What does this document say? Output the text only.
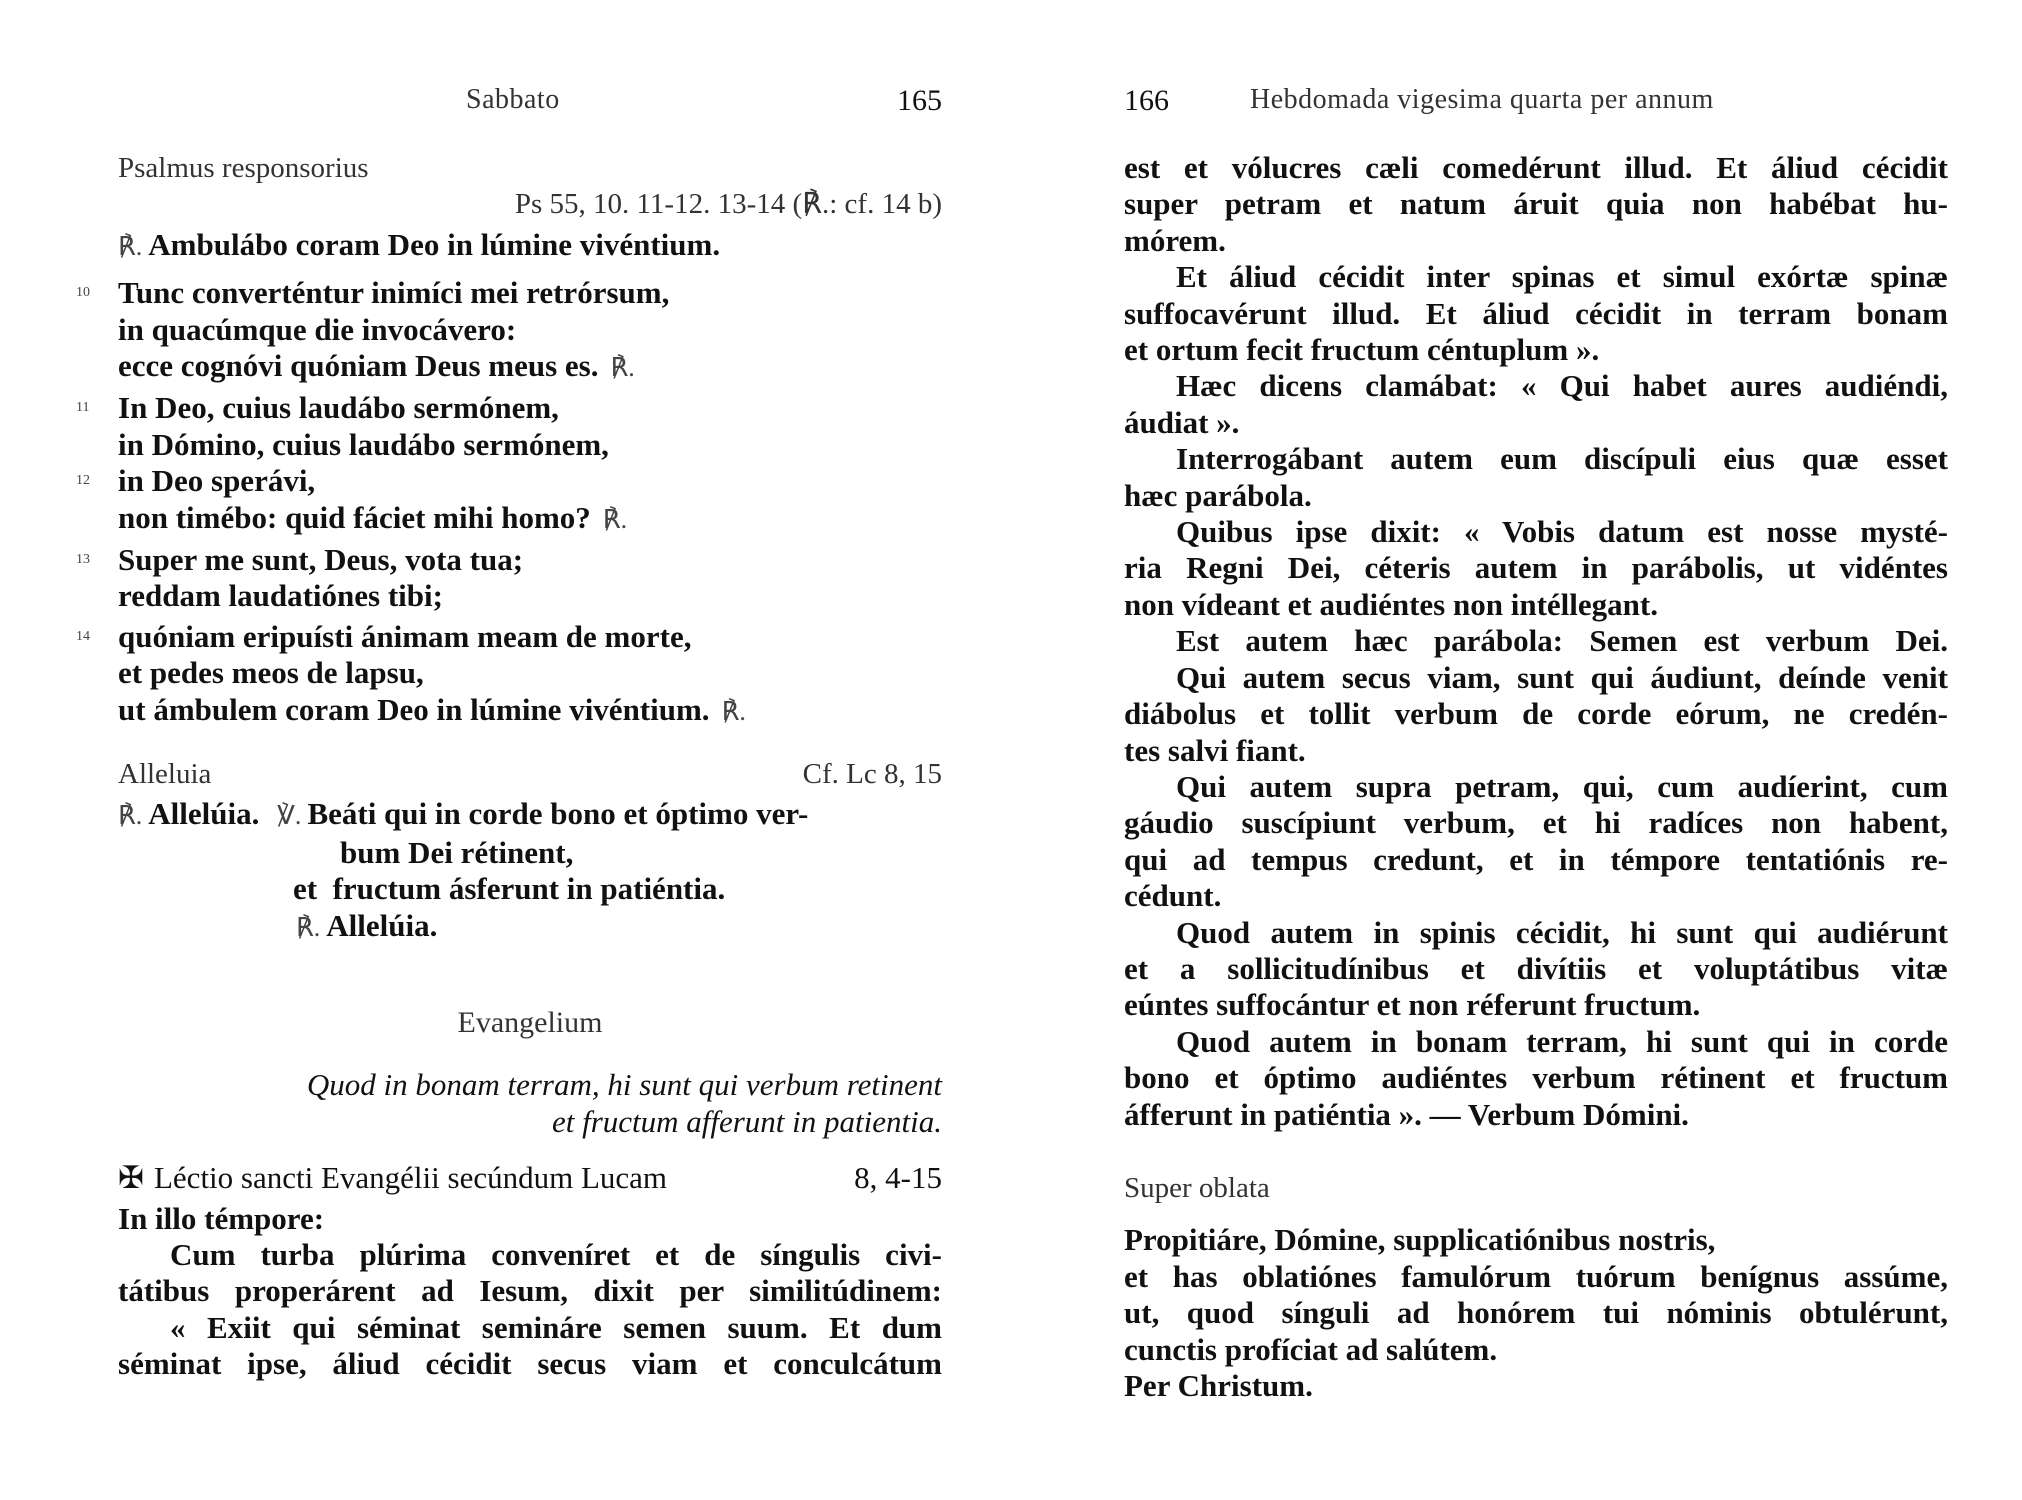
Sabbato	165
Psalmus responsorius
Ps 55, 10. 11-12. 13-14 (℟.: cf. 14 b)
℟. Ambulábo coram Deo in lúmine vivéntium.
10 Tunc converténtur inimíci mei retrórsum,
in quacúmque die invocávero:
ecce cognóvi quóniam Deus meus es. ℟.
11 In Deo, cuius laudábo sermónem,
in Dómino, cuius laudábo sermónem,
12 in Deo sperávi,
non timébo: quid fáciet mihi homo? ℟.
13 Super me sunt, Deus, vota tua;
reddam laudatiónes tibi;
14 quóniam eripuísti ánimam meam de morte,
et pedes meos de lapsu,
ut ámbulem coram Deo in lúmine vivéntium. ℟.
Alleluia	Cf. Lc 8, 15
℟. Allelúia. ℣. Beáti qui in corde bono et óptimo ver-
bum Dei rétinent,
et fructum ásferunt in patiéntia.
℟. Allelúia.
Evangelium
Quod in bonam terram, hi sunt qui verbum retinent
et fructum afferunt in patientia.
✠ Léctio sancti Evangélii secúndum Lucam	8, 4-15
In illo témpore:
Cum turba plúrima conveníret et de síngulis civi-
tátibus properárent ad Iesum, dixit per similitúdinem:
« Exiit qui séminat semináre semen suum. Et dum
séminat ipse, áliud cécidit secus viam et conculcátum
166	Hebdomada vigesima quarta per annum
est et vólucres cæli comedérunt illud. Et áliud cécidit
super petram et natum áruit quia non habébat hu-
mórem.
Et áliud cécidit inter spinas et simul exórtæ spinæ
suffocavérunt illud. Et áliud cécidit in terram bonam
et ortum fecit fructum céntuplum ».
Hæc dicens clamábat: « Qui habet aures audiéndi,
áudiat ».
Interrogábant autem eum discípuli eius quæ esset
hæc parábola.
Quibus ipse dixit: « Vobis datum est nosse mysté-
ria Regni Dei, céteris autem in parábolis, ut vidéntes
non vídeant et audiéntes non intéllegant.
Est autem hæc parábola: Semen est verbum Dei.
Qui autem secus viam, sunt qui áudiunt, deínde venit
diábolus et tollit verbum de corde eórum, ne credén-
tes salvi fiant.
Qui autem supra petram, qui, cum audíerint, cum
gáudio suscípiunt verbum, et hi radíces non habent,
qui ad tempus credunt, et in témpore tentatiónis re-
cédunt.
Quod autem in spinis cécidit, hi sunt qui audiérunt
et a sollicitudínibus et divítiis et voluptátibus vitæ
eúntes suffocántur et non réferunt fructum.
Quod autem in bonam terram, hi sunt qui in corde
bono et óptimo audiéntes verbum rétinent et fructum
áfferunt in patiéntia ». — Verbum Dómini.
Super oblata
Propitiáre, Dómine, supplicatiónibus nostris,
et has oblatiónes famulórum tuórum benígnus assúme,
ut, quod sínguli ad honórem tui nóminis obtulérunt,
cunctis profíciat ad salútem.
Per Christum.
